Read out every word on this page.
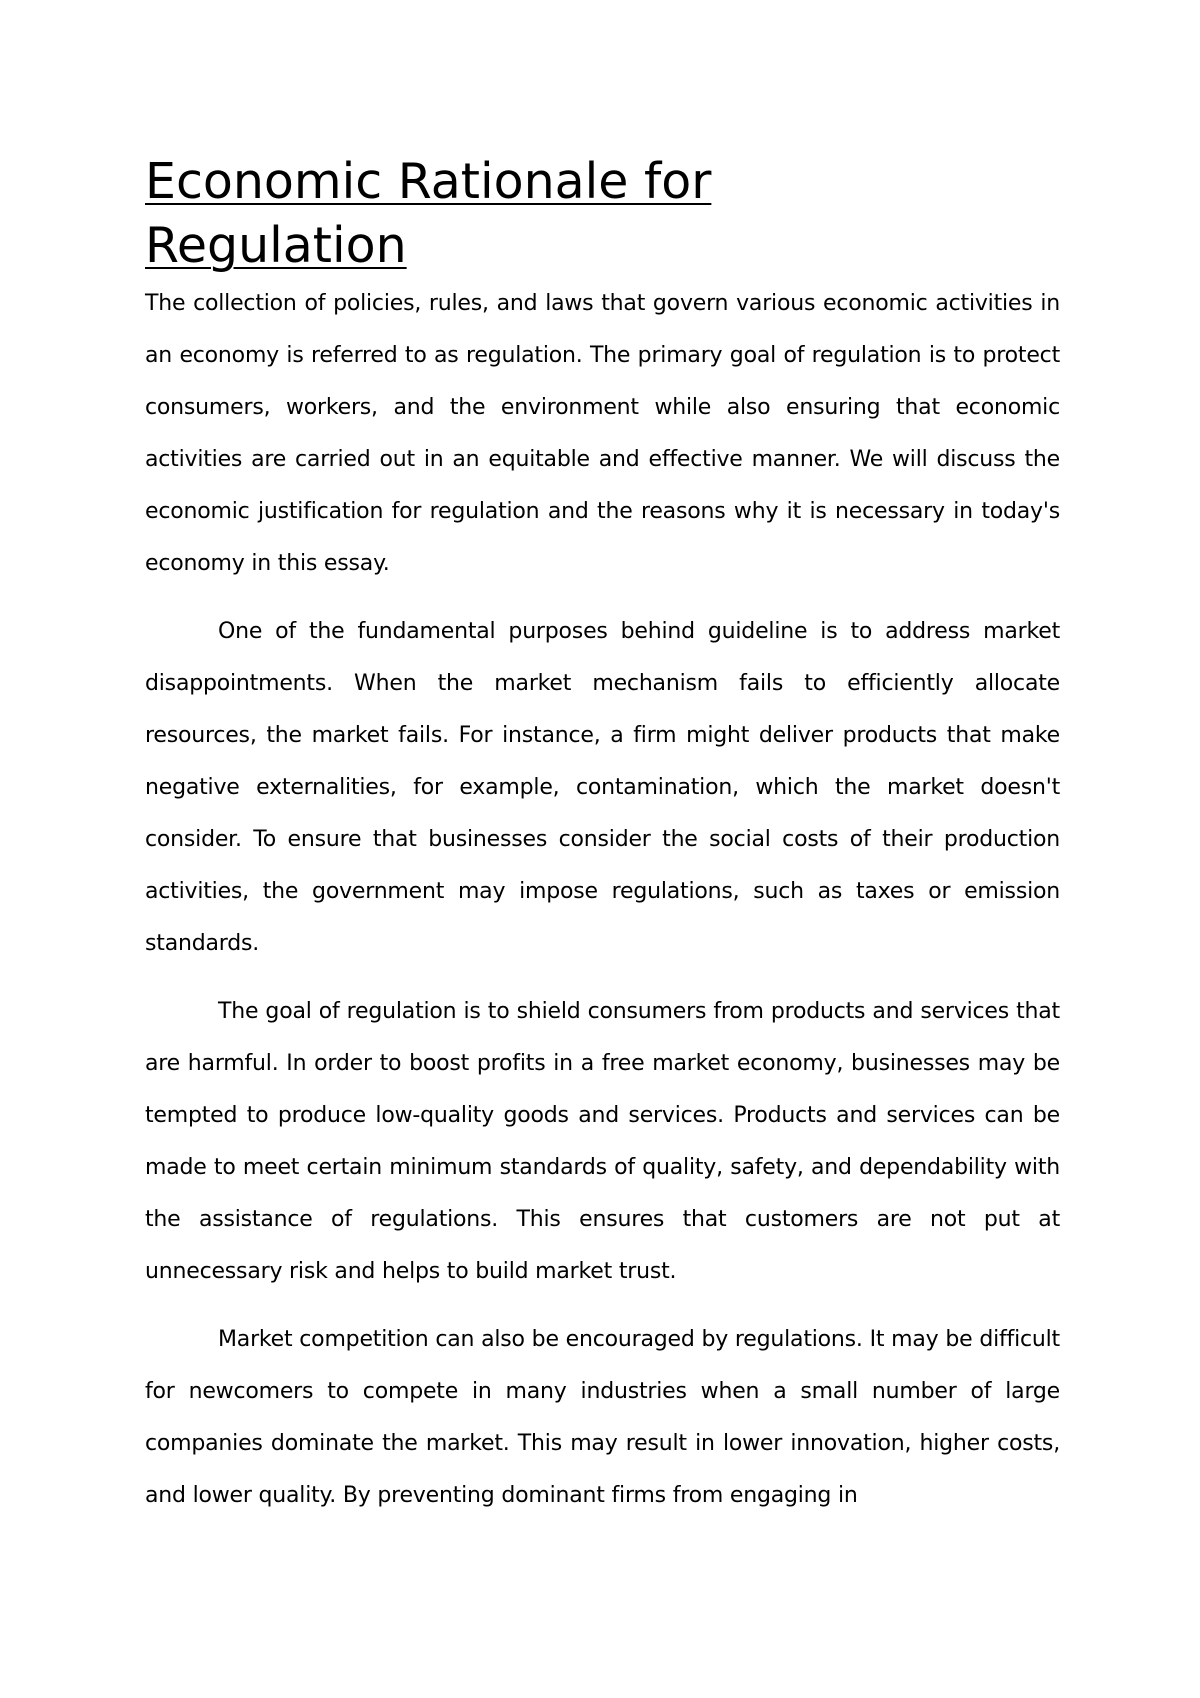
Economic Rationale for Regulation

The collection of policies, rules, and laws that govern various economic activities in an economy is referred to as regulation. The primary goal of regulation is to protect consumers, workers, and the environment while also ensuring that economic activities are carried out in an equitable and effective manner. We will discuss the economic justification for regulation and the reasons why it is necessary in today's economy in this essay.

One of the fundamental purposes behind guideline is to address market disappointments. When the market mechanism fails to efficiently allocate resources, the market fails. For instance, a firm might deliver products that make negative externalities, for example, contamination, which the market doesn't consider. To ensure that businesses consider the social costs of their production activities, the government may impose regulations, such as taxes or emission standards.

The goal of regulation is to shield consumers from products and services that are harmful. In order to boost profits in a free market economy, businesses may be tempted to produce low-quality goods and services. Products and services can be made to meet certain minimum standards of quality, safety, and dependability with the assistance of regulations. This ensures that customers are not put at unnecessary risk and helps to build market trust.

Market competition can also be encouraged by regulations. It may be difficult for newcomers to compete in many industries when a small number of large companies dominate the market. This may result in lower innovation, higher costs, and lower quality. By preventing dominant firms from engaging in
